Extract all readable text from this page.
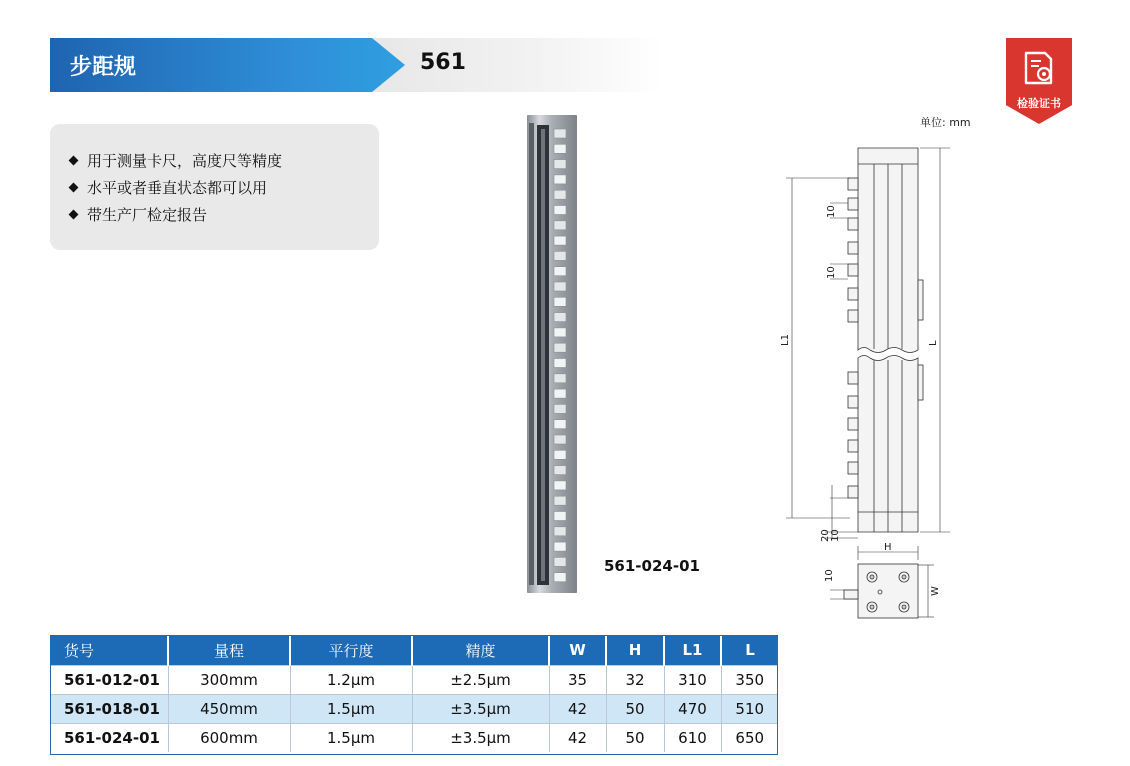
步距规	561
检验证书
用于测量卡尺，高度尺等精度
水平或者垂直状态都可以用
带生产厂检定报告
561-024-01
单位: mm
10
10
L1	L
20 10
H
W
10
货号	量程	平行度	精度	W	H	L1	L
561-012-01	300mm	1.2μm	±2.5μm	35	32	310	350
561-018-01	450mm	1.5μm	±3.5μm	42	50	470	510
561-024-01	600mm	1.5μm	±3.5μm	42	50	610	650
